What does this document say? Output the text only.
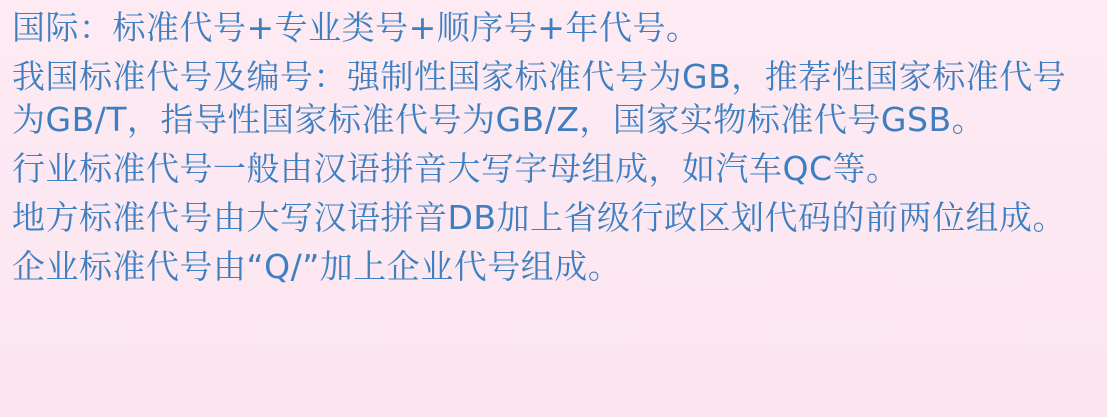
国际：标准代号+专业类号+顺序号+年代号。

我国标准代号及编号：强制性国家标准代号为GB，推荐性国家标准代号为GB/T，指导性国家标准代号为GB/Z，国家实物标准代号GSB。

行业标准代号一般由汉语拼音大写字母组成，如汽车QC等。

地方标准代号由大写汉语拼音DB加上省级行政区划代码的前两位组成。

企业标准代号由“Q/”加上企业代号组成。
